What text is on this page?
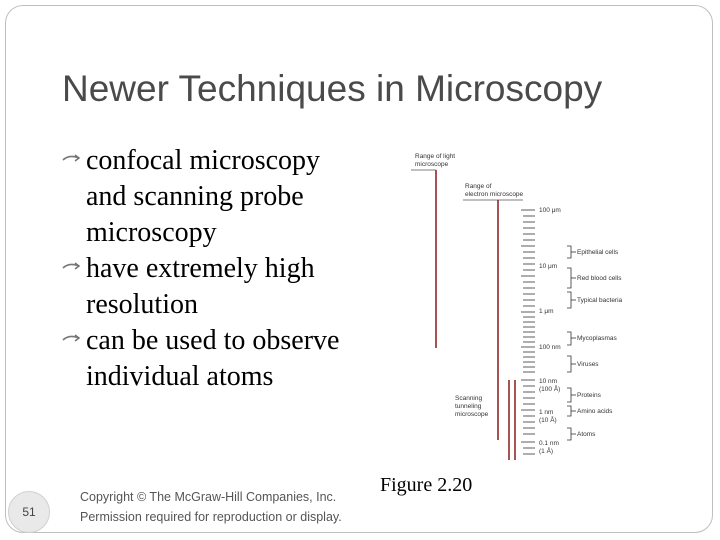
Newer Techniques in Microscopy
confocal microscopy and scanning probe microscopy
have extremely high resolution
can be used to observe individual atoms
Range of light
microscope
Range of
electron microscope
Scanning
tunneling
microscope
100 μm
10 μm
1 μm
100 nm
10 nm
(100 Å)
1 nm
(10 Å)
0.1 nm
(1 Å)
Epithelial cells
Red blood cells
Typical bacteria
Mycoplasmas
Viruses
Proteins
Amino acids
Atoms
Figure 2.20
Copyright © The McGraw-Hill Companies, Inc.
Permission required for reproduction or display.
51
